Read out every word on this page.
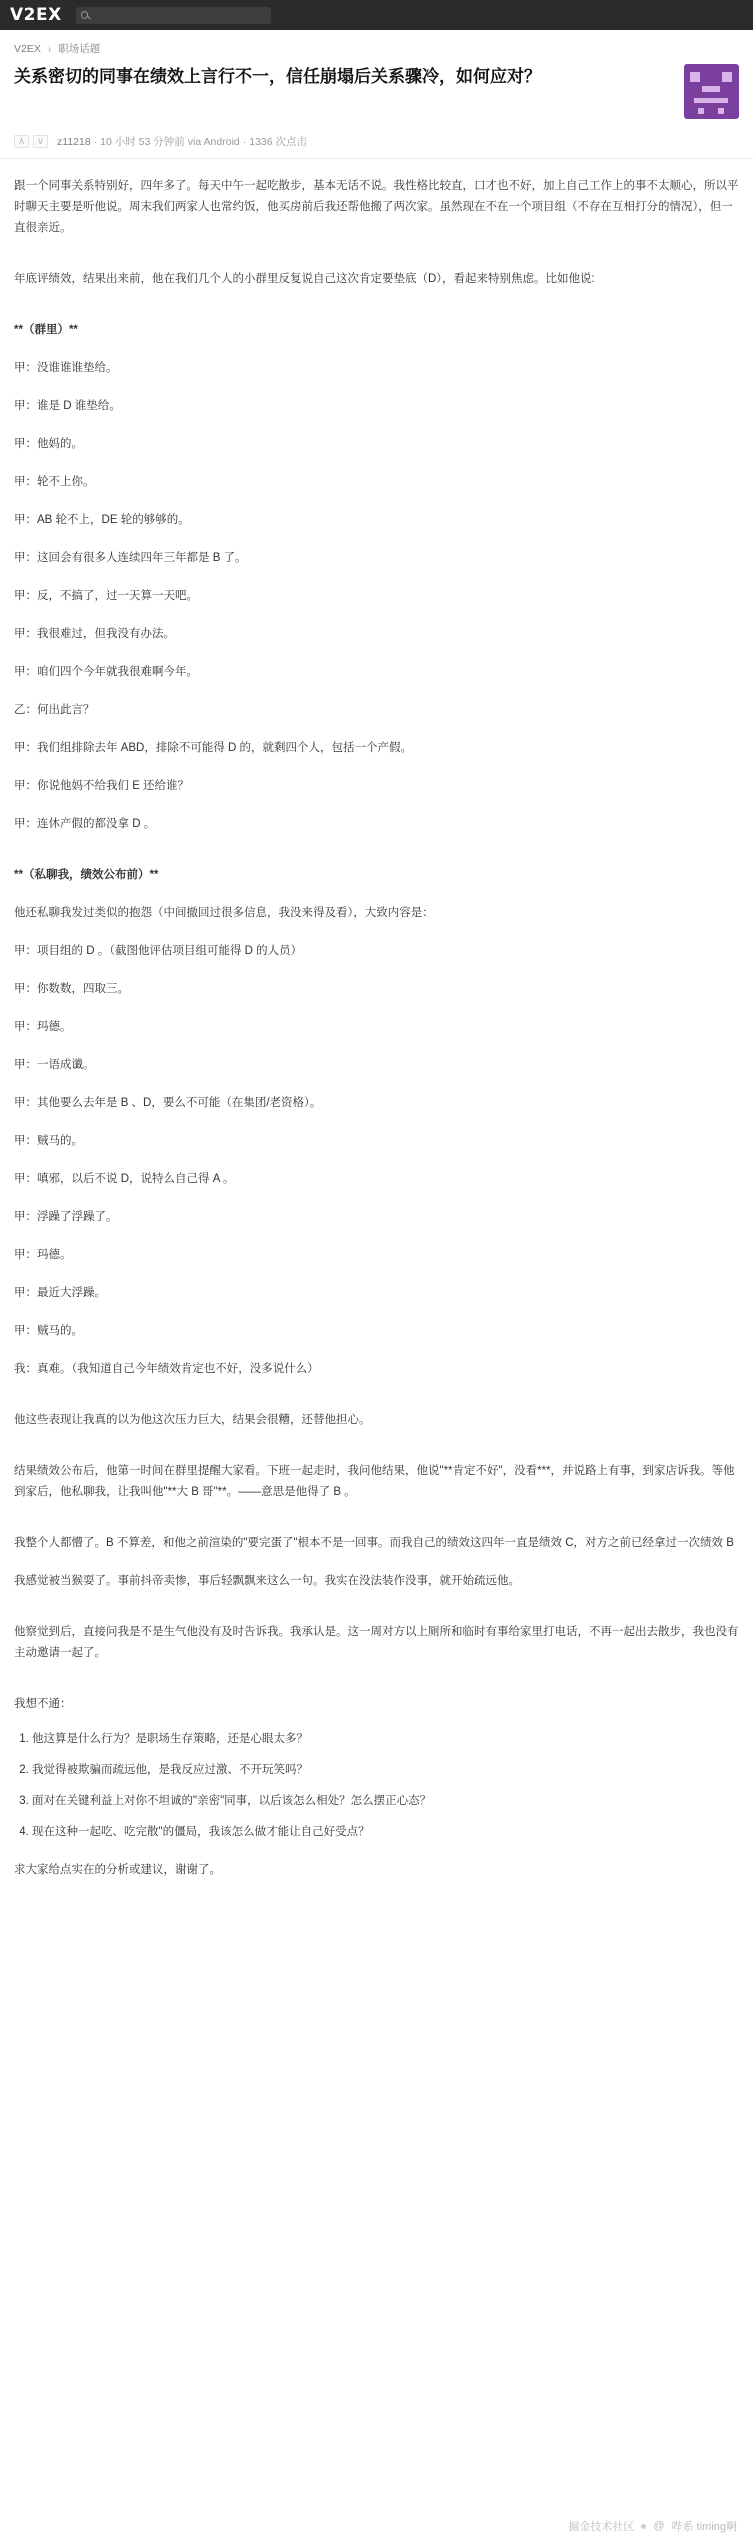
V2EX
V2EX › 职场话题
关系密切的同事在绩效上言行不一，信任崩塌后关系骤冷，如何应对？
∧	∨	z11218 · 10 小时 53 分钟前 via Android · 1336 次点击

跟一个同事关系特别好，四年多了。每天中午一起吃散步，基本无话不说。我性格比较直，口才也不好，加上自己工作上的事不太顺心，所以平时聊天主要是听他说。周末我们两家人也常约饭，他买房前后我还帮他搬了两次家。虽然现在不在一个项目组（不存在互相打分的情况），但一直很亲近。

年底评绩效，结果出来前，他在我们几个人的小群里反复说自己这次肯定要垫底（D），看起来特别焦虑。比如他说:

**（群里）**

甲：没谁谁谁垫给。

甲：谁是 D 谁垫给。

甲：他妈的。

甲：轮不上你。

甲：AB 轮不上，DE 轮的够够的。

甲：这回会有很多人连续四年三年都是 B 了。

甲：反，不搞了，过一天算一天吧。

甲：我很难过，但我没有办法。

甲：咱们四个今年就我很难啊今年。

乙：何出此言？

甲：我们组排除去年 ABD，排除不可能得 D 的，就剩四个人，包括一个产假。

甲：你说他妈不给我们 E 还给谁？

甲：连休产假的都没拿 D 。

**（私聊我，绩效公布前）**

他还私聊我发过类似的抱怨（中间撤回过很多信息，我没来得及看），大致内容是：

甲：项目组的 D 。（截图他评估项目组可能得 D 的人员）

甲：你数数，四取三。

甲：玛德。

甲：一语成谶。

甲：其他要么去年是 B 、D，要么不可能（在集团/老资格）。

甲：贼马的。

甲：嗔邪，以后不说 D，说特么自己得 A 。

甲：浮躁了浮躁了。

甲：玛德。

甲：最近大浮躁。

甲：贼马的。

我：真难。（我知道自己今年绩效肯定也不好，没多说什么）

他这些表现让我真的以为他这次压力巨大，结果会很糟，还替他担心。

结果绩效公布后，他第一时间在群里提醒大家看。下班一起走时，我问他结果，他说"**肯定不好"，没看***，并说路上有事，到家店诉我。等他到家后，他私聊我，让我叫他"**大 B 哥"**。——意思是他得了 B 。

我整个人都懵了。B 不算差，和他之前渲染的"要完蛋了"根本不是一回事。而我自己的绩效这四年一直是绩效 C，对方之前已经拿过一次绩效 B

我感觉被当猴耍了。事前抖帝卖惨，事后轻飘飘来这么一句。我实在没法装作没事，就开始疏远他。

他察觉到后，直接问我是不是生气他没有及时告诉我。我承认是。这一周对方以上厕所和临时有事给家里打电话，不再一起出去散步，我也没有主动邀请一起了。

我想不通：

1. 他这算是什么行为？是职场生存策略，还是心眼太多？
2. 我觉得被欺骗而疏远他，是我反应过激、不开玩笑吗？
3. 面对在关键利益上对你不坦诚的"亲密"同事，以后该怎么相处？怎么摆正心态？
4. 现在这种一起吃、吃完散"的僵局，我该怎么做才能让自己好受点？

求大家给点实在的分析或建议，谢谢了。

掘金技术社区 @ 哔系 timing啊
